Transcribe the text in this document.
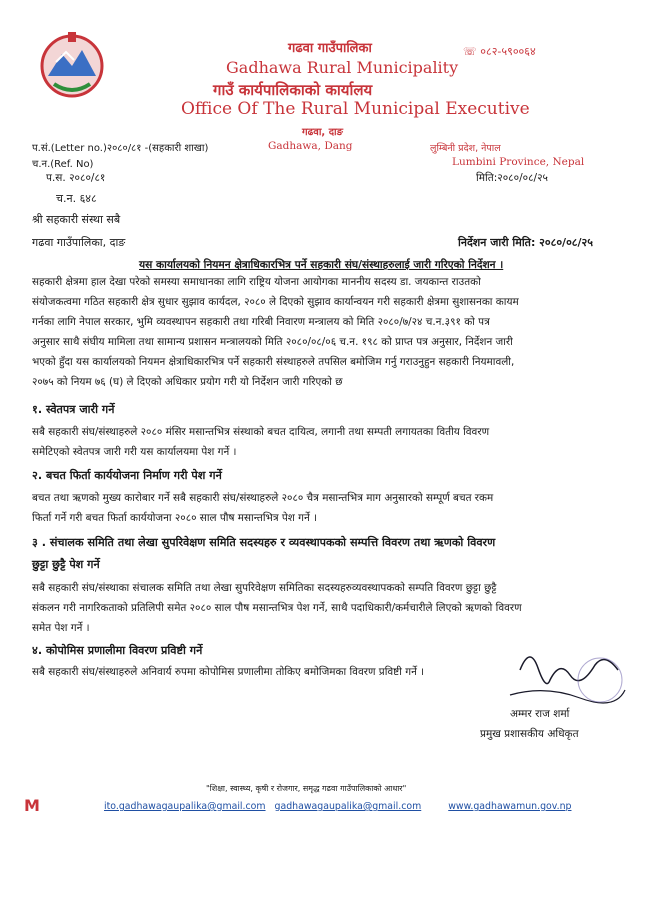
☏ ०८२-५९००६४
गढवा गाउँपालिका
Gadhawa Rural Municipality
गाउँ कार्यपालिकाको कार्यालय
Office Of The Rural Municipal Executive
गढवा, दाङ
Gadhawa, Dang	लुम्बिनी प्रदेश, नेपाल
Lumbini Province, Nepal
प.सं.(Letter no.)२०८०/८१ -(सहकारी शाखा)
च.न.(Ref. No)
प.स. २०८०/८१	मिति:२०८०/०८/२५
च.न. ६४८
श्री सहकारी संस्था सबै
गढवा गाउँपालिका, दाङ	निर्देशन जारी मिति: २०८०/०८/२५
यस कार्यालयको नियमन क्षेत्राधिकारभित्र पर्ने सहकारी संघ/संस्थाहरुलाई जारी गरिएको निर्देशन ।
सहकारी क्षेत्रमा हाल देखा परेको समस्या समाधानका लागि राष्ट्रिय योजना आयोगका माननीय सदस्य डा. जयकान्त राउतको
संयोजकत्वमा गठित सहकारी क्षेत्र सुधार सुझाव कार्यदल, २०८० ले दिएको सुझाव कार्यान्वयन गरी सहकारी क्षेत्रमा सुशासनका कायम
गर्नका लागि नेपाल सरकार, भुमि व्यवस्थापन सहकारी तथा गरिबी निवारण मन्त्रालय को मिति २०८०/७/२४ च.न.३९१ को पत्र
अनुसार साथै संघीय मामिला तथा सामान्य प्रशासन मन्त्रालयको मिति २०८०/०८/०६ च.न. १९८ को प्राप्त पत्र अनुसार, निर्देशन जारी
भएको हुँदा यस कार्यालयको नियमन क्षेत्राधिकारभित्र पर्ने सहकारी संस्थाहरुले तपसिल बमोजिम गर्नु गराउनुहुन सहकारी नियमावली,
२०७५ को नियम ७६ (घ) ले दिएको अधिकार प्रयोग गरी यो निर्देशन जारी गरिएको छ
१. स्वेतपत्र जारी गर्ने
सबै सहकारी संघ/संस्थाहरुले २०८० मंसिर मसान्तभित्र संस्थाको बचत दायित्व, लगानी तथा सम्पती लगायतका वितीय विवरण
समेटिएको स्वेतपत्र जारी गरी यस कार्यालयमा पेश गर्ने ।
२. बचत फिर्ता कार्ययोजना निर्माण गरी पेश गर्ने
बचत तथा ऋणको मुख्य कारोबार गर्ने सबै सहकारी संघ/संस्थाहरुले २०८० चैत्र मसान्तभित्र माग अनुसारको सम्पूर्ण बचत रकम
फिर्ता गर्ने गरी बचत फिर्ता कार्ययोजना २०८० साल पौष मसान्तभित्र पेश गर्ने ।
३ . संचालक समिति तथा लेखा सुपरिवेक्षण समिति सदस्यहरु र व्यवस्थापकको सम्पत्ति विवरण तथा ऋणको विवरण
छुट्टा छुट्टै पेश गर्ने
सबै सहकारी संघ/संस्थाका संचालक समिति तथा लेखा सुपरिवेक्षण समितिका सदस्यहरुव्यवस्थापकको सम्पति विवरण छुट्टा छुट्टै
संकलन गरी नागरिकताको प्रतिलिपी समेत २०८० साल पौष मसान्तभित्र पेश गर्ने, साथै पदाधिकारी/कर्मचारीले लिएको ऋणको विवरण
समेत पेश गर्ने ।
४. कोपोमिस प्रणालीमा विवरण प्रविष्टी गर्ने
सबै सहकारी संघ/संस्थाहरुले अनिवार्य रुपमा कोपोमिस प्रणालीमा तोकिए बमोजिमका विवरण प्रविष्टी गर्ने ।
अम्मर राज शर्मा
प्रमुख प्रशासकीय अधिकृत
"शिक्षा, स्वास्थ्य, कृषी र रोजगार, समृद्ध गढवा गाउँपालिकाको आधार"
M	ito.gadhawagaupalika@gmail.com gadhawagaupalika@gmail.com	www.gadhawamun.gov.np
